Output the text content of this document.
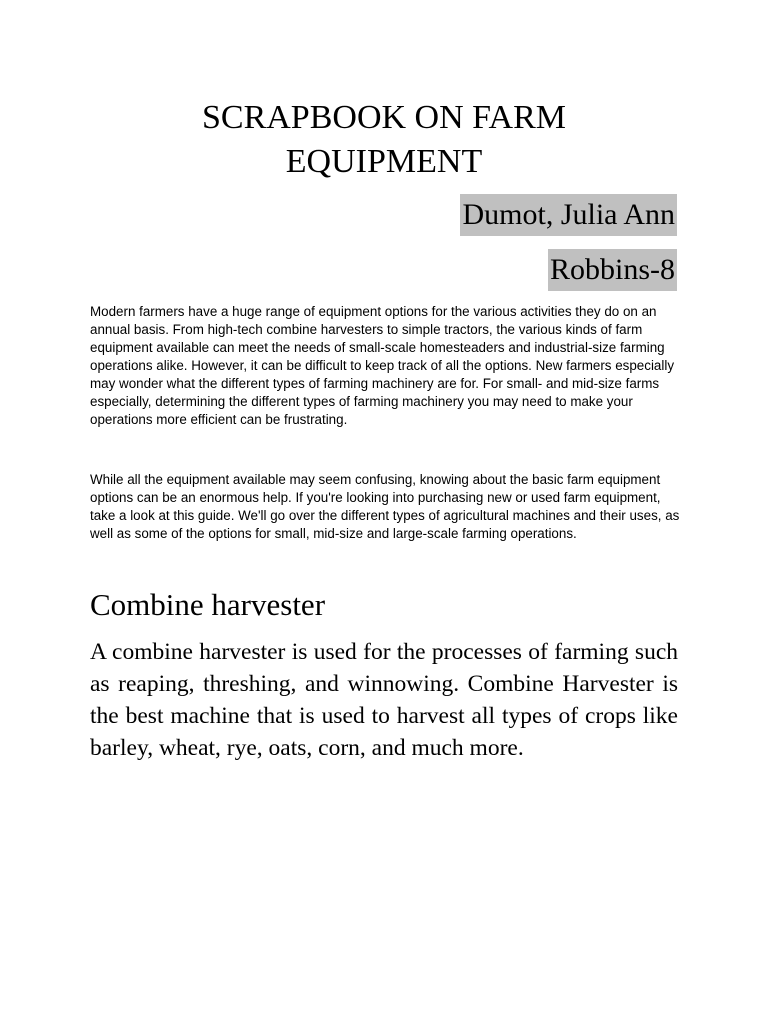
SCRAPBOOK ON FARM
EQUIPMENT
Dumot, Julia Ann
Robbins-8

Modern farmers have a huge range of equipment options for the various activities they do on an annual basis. From high-tech combine harvesters to simple tractors, the various kinds of farm equipment available can meet the needs of small-scale homesteaders and industrial-size farming operations alike. However, it can be difficult to keep track of all the options. New farmers especially may wonder what the different types of farming machinery are for. For small- and mid-size farms especially, determining the different types of farming machinery you may need to make your operations more efficient can be frustrating.

While all the equipment available may seem confusing, knowing about the basic farm equipment options can be an enormous help. If you're looking into purchasing new or used farm equipment, take a look at this guide. We'll go over the different types of agricultural machines and their uses, as well as some of the options for small, mid-size and large-scale farming operations.

Combine harvester

A combine harvester is used for the processes of farming such as reaping, threshing, and winnowing. Combine Harvester is the best machine that is used to harvest all types of crops like barley, wheat, rye, oats, corn, and much more.
